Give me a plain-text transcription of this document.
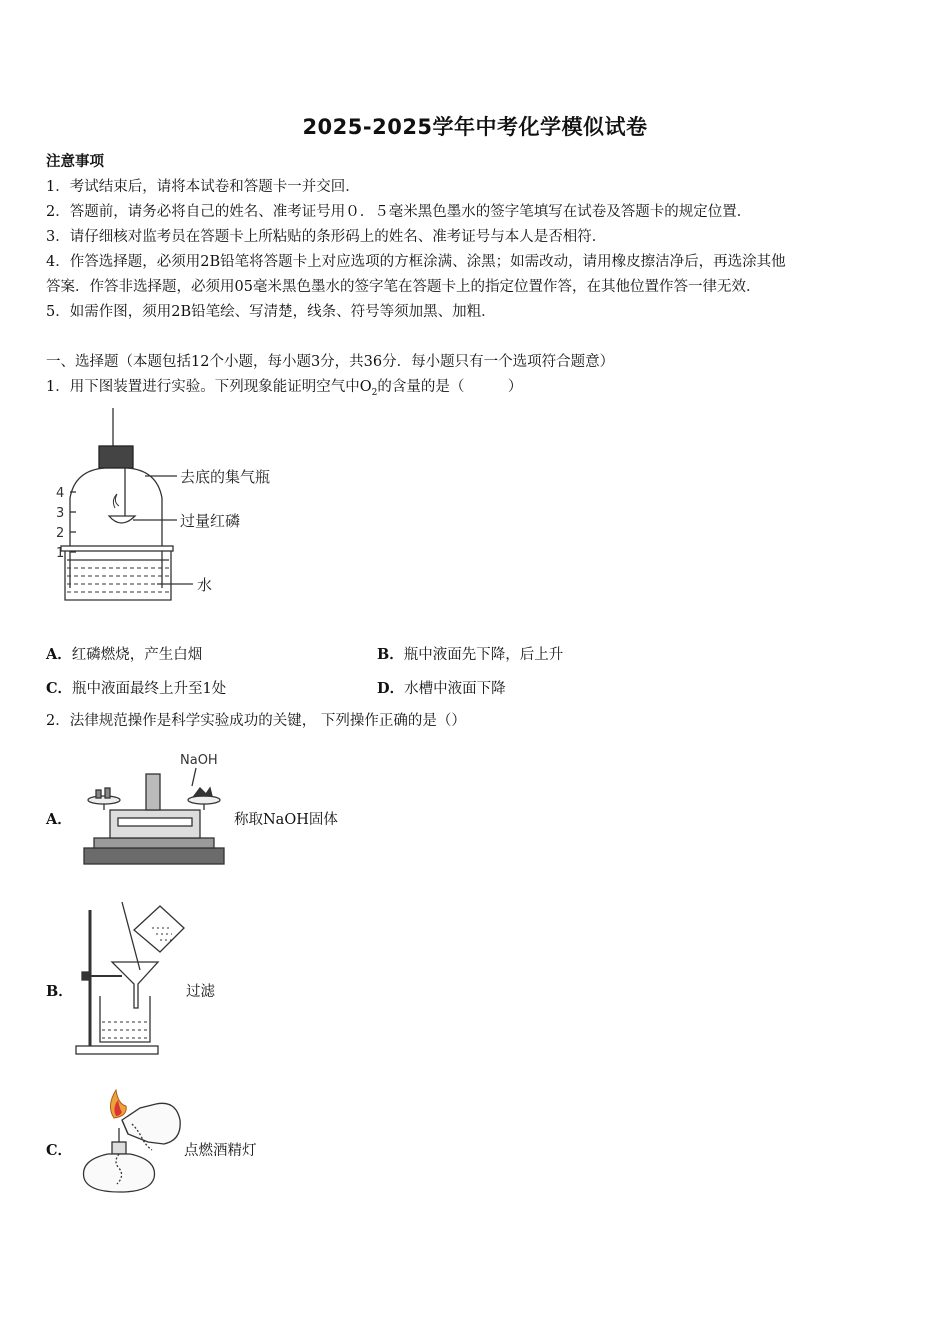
2025-2025学年中考化学模似试卷
注意事项
1．考试结束后，请将本试卷和答题卡一并交回．
2．答题前，请务必将自己的姓名、准考证号用０．５毫米黑色墨水的签字笔填写在试卷及答题卡的规定位置．
3．请仔细核对监考员在答题卡上所粘贴的条形码上的姓名、准考证号与本人是否相符．
4．作答选择题，必须用2B铅笔将答题卡上对应选项的方框涂满、涂黑；如需改动，请用橡皮擦洁净后，再选涂其他
答案．作答非选择题，必须用05毫米黑色墨水的签字笔在答题卡上的指定位置作答，在其他位置作答一律无效．
5．如需作图，须用2B铅笔绘、写清楚，线条、符号等须加黑、加粗．
一、选择题（本题包括12个小题，每小题3分，共36分．每小题只有一个选项符合题意）
1．用下图装置进行实验。下列现象能证明空气中$O_2$的含量的是（　　　）
4
3
2
1
去底的集气瓶
过量红磷
水
A．红磷燃烧，产生白烟	B．瓶中液面先下降，后上升
C．瓶中液面最终上升至1处	D．水槽中液面下降
2．法律规范操作是科学实验成功的关键， 下列操作正确的是（）
A．
NaOH
称取NaOH固体
B．	过滤
C．	点燃酒精灯
